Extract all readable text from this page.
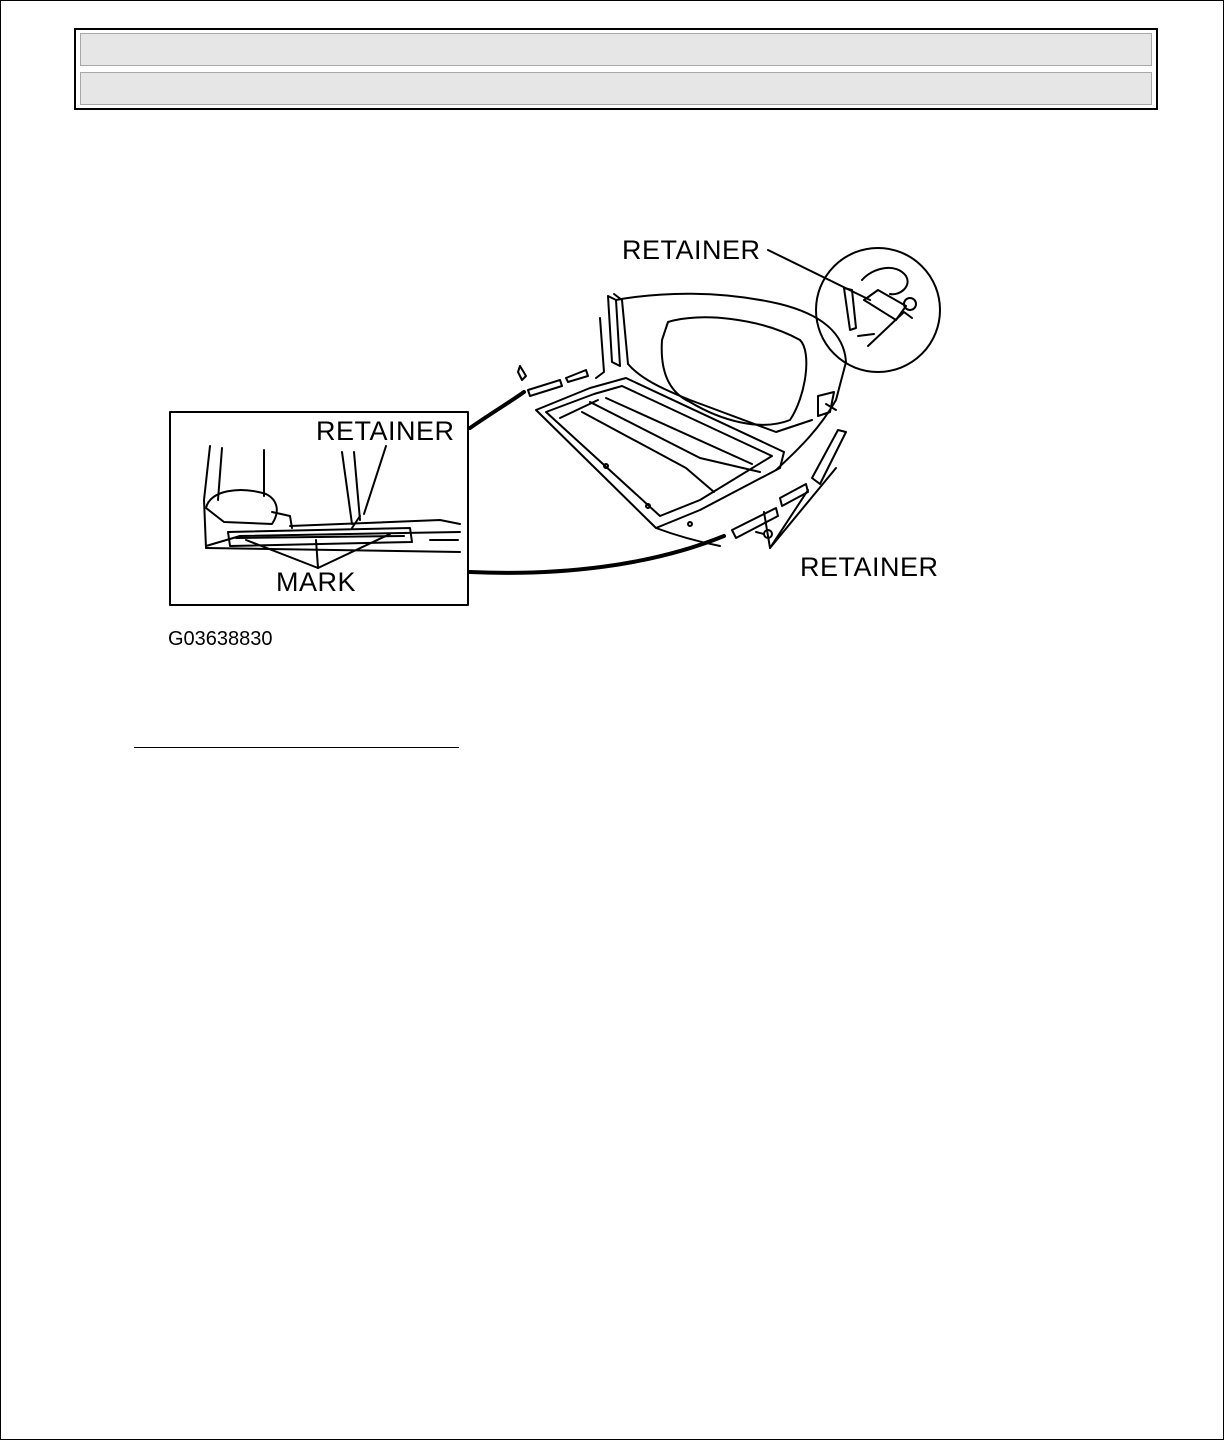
RETAINER
RETAINER
MARK	RETAINER
G03638830
